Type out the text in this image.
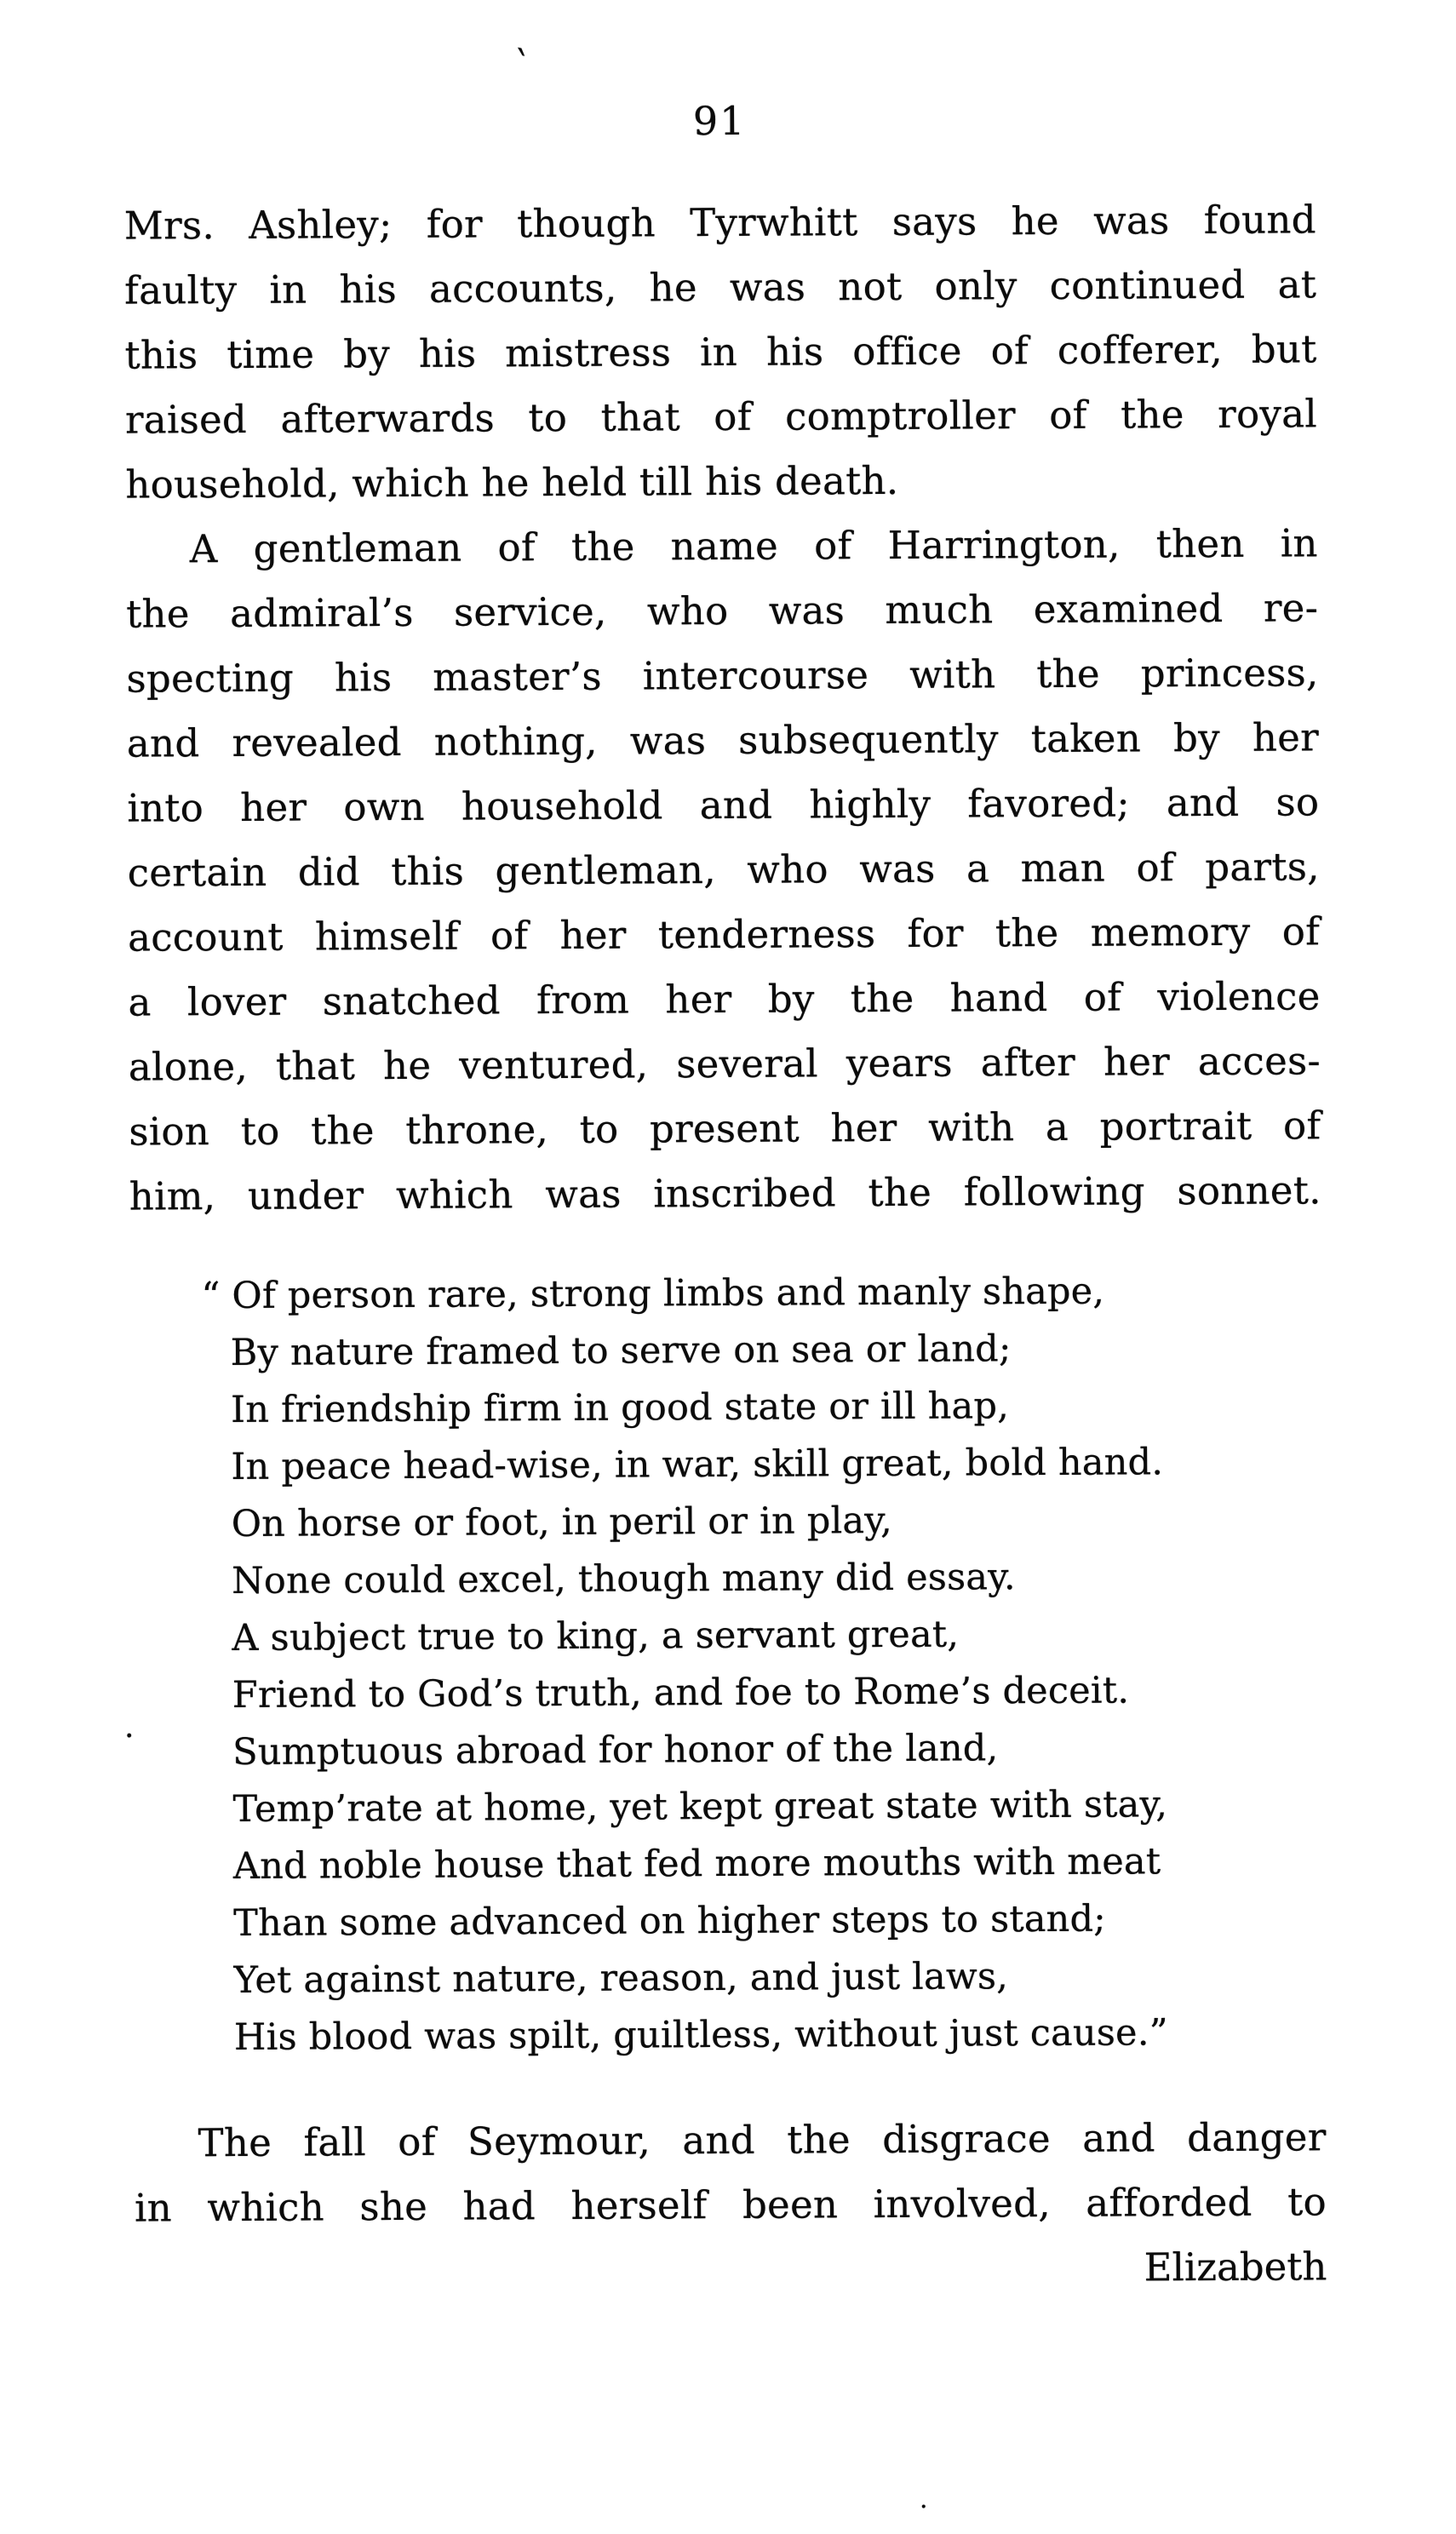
`
91
Mrs. Ashley; for though Tyrwhitt says he was found
faulty in his accounts, he was not only continued at
this time by his mistress in his office of cofferer, but
raised afterwards to that of comptroller of the royal
household, which he held till his death.
A gentleman of the name of Harrington, then in
the admiral’s service, who was much examined re-
specting his master’s intercourse with the princess,
and revealed nothing, was subsequently taken by her
into her own household and highly favored; and so
certain did this gentleman, who was a man of parts,
account himself of her tenderness for the memory of
a lover snatched from her by the hand of violence
alone, that he ventured, several years after her acces-
sion to the throne, to present her with a portrait of
him, under which was inscribed the following sonnet.
“ Of person rare, strong limbs and manly shape,
By nature framed to serve on sea or land;
In friendship firm in good state or ill hap,
In peace head-wise, in war, skill great, bold hand.
On horse or foot, in peril or in play,
None could excel, though many did essay.
A subject true to king, a servant great,
Friend to God’s truth, and foe to Rome’s deceit.
Sumptuous abroad for honor of the land,
Temp’rate at home, yet kept great state with stay,
And noble house that fed more mouths with meat
Than some advanced on higher steps to stand;
Yet against nature, reason, and just laws,
His blood was spilt, guiltless, without just cause.”
The fall of Seymour, and the disgrace and danger
in which she had herself been involved, afforded to
Elizabeth
.
.
